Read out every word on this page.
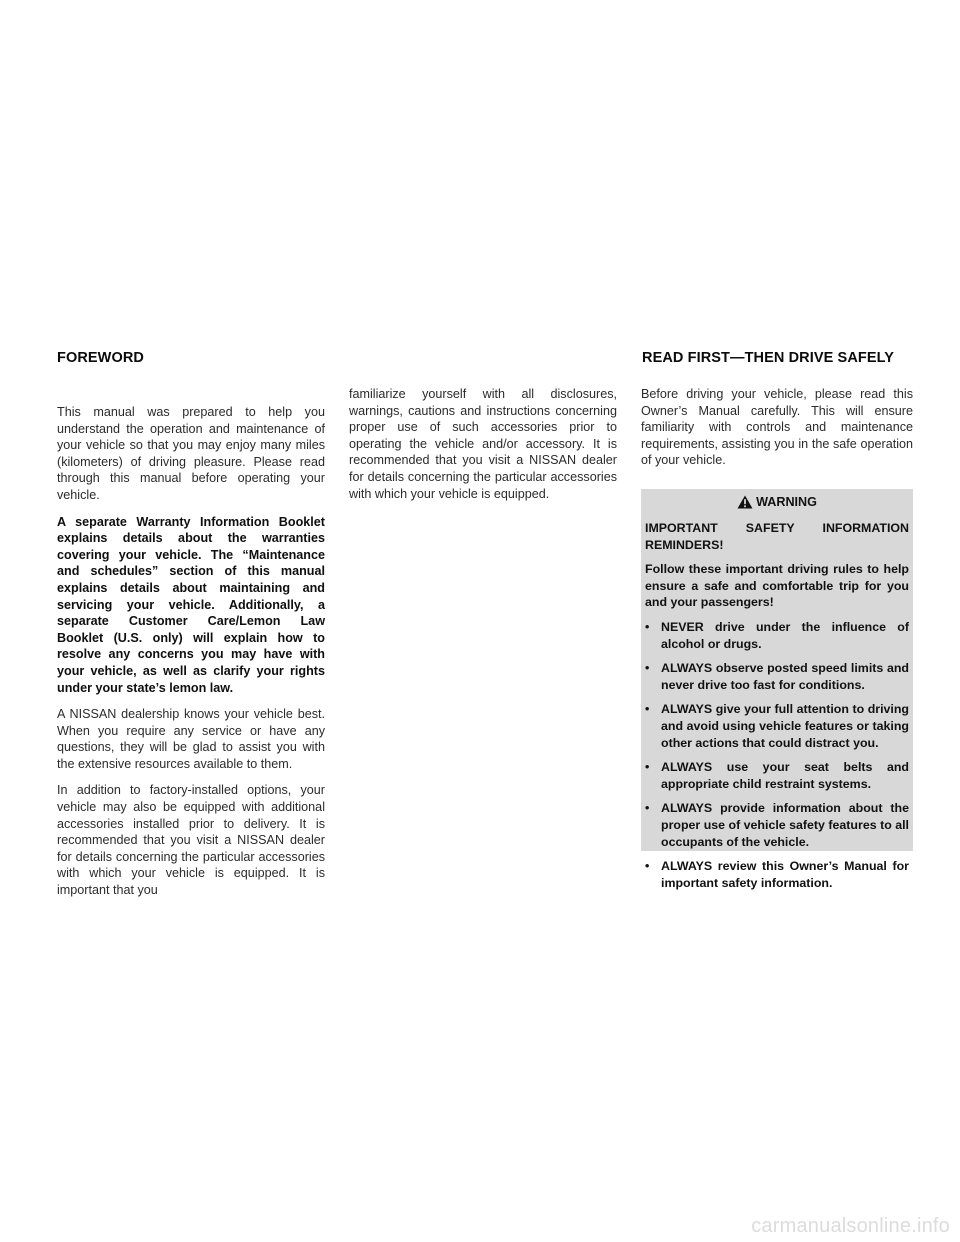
FOREWORD	READ FIRST—THEN DRIVE SAFELY

This manual was prepared to help you understand the operation and maintenance of your vehicle so that you may enjoy many miles (kilometers) of driving pleasure. Please read through this manual before operating your vehicle.

A separate Warranty Information Booklet explains details about the warranties covering your vehicle. The “Maintenance and schedules” section of this manual explains details about maintaining and servicing your vehicle. Additionally, a separate Customer Care/Lemon Law Booklet (U.S. only) will explain how to resolve any concerns you may have with your vehicle, as well as clarify your rights under your state’s lemon law.

A NISSAN dealership knows your vehicle best. When you require any service or have any questions, they will be glad to assist you with the extensive resources available to them.

In addition to factory-installed options, your vehicle may also be equipped with additional accessories installed prior to delivery. It is recommended that you visit a NISSAN dealer for details concerning the particular accessories with which your vehicle is equipped. It is important that you

familiarize yourself with all disclosures, warnings, cautions and instructions concerning proper use of such accessories prior to operating the vehicle and/or accessory. It is recommended that you visit a NISSAN dealer for details concerning the particular accessories with which your vehicle is equipped.

Before driving your vehicle, please read this Owner’s Manual carefully. This will ensure familiarity with controls and maintenance requirements, assisting you in the safe operation of your vehicle.

WARNING

IMPORTANT SAFETY INFORMATION REMINDERS!

Follow these important driving rules to help ensure a safe and comfortable trip for you and your passengers!

• NEVER drive under the influence of alcohol or drugs.
• ALWAYS observe posted speed limits and never drive too fast for conditions.
• ALWAYS give your full attention to driving and avoid using vehicle features or taking other actions that could distract you.
• ALWAYS use your seat belts and appropriate child restraint systems.
• ALWAYS provide information about the proper use of vehicle safety features to all occupants of the vehicle.
• ALWAYS review this Owner’s Manual for important safety information.
carmanualsonline.info
